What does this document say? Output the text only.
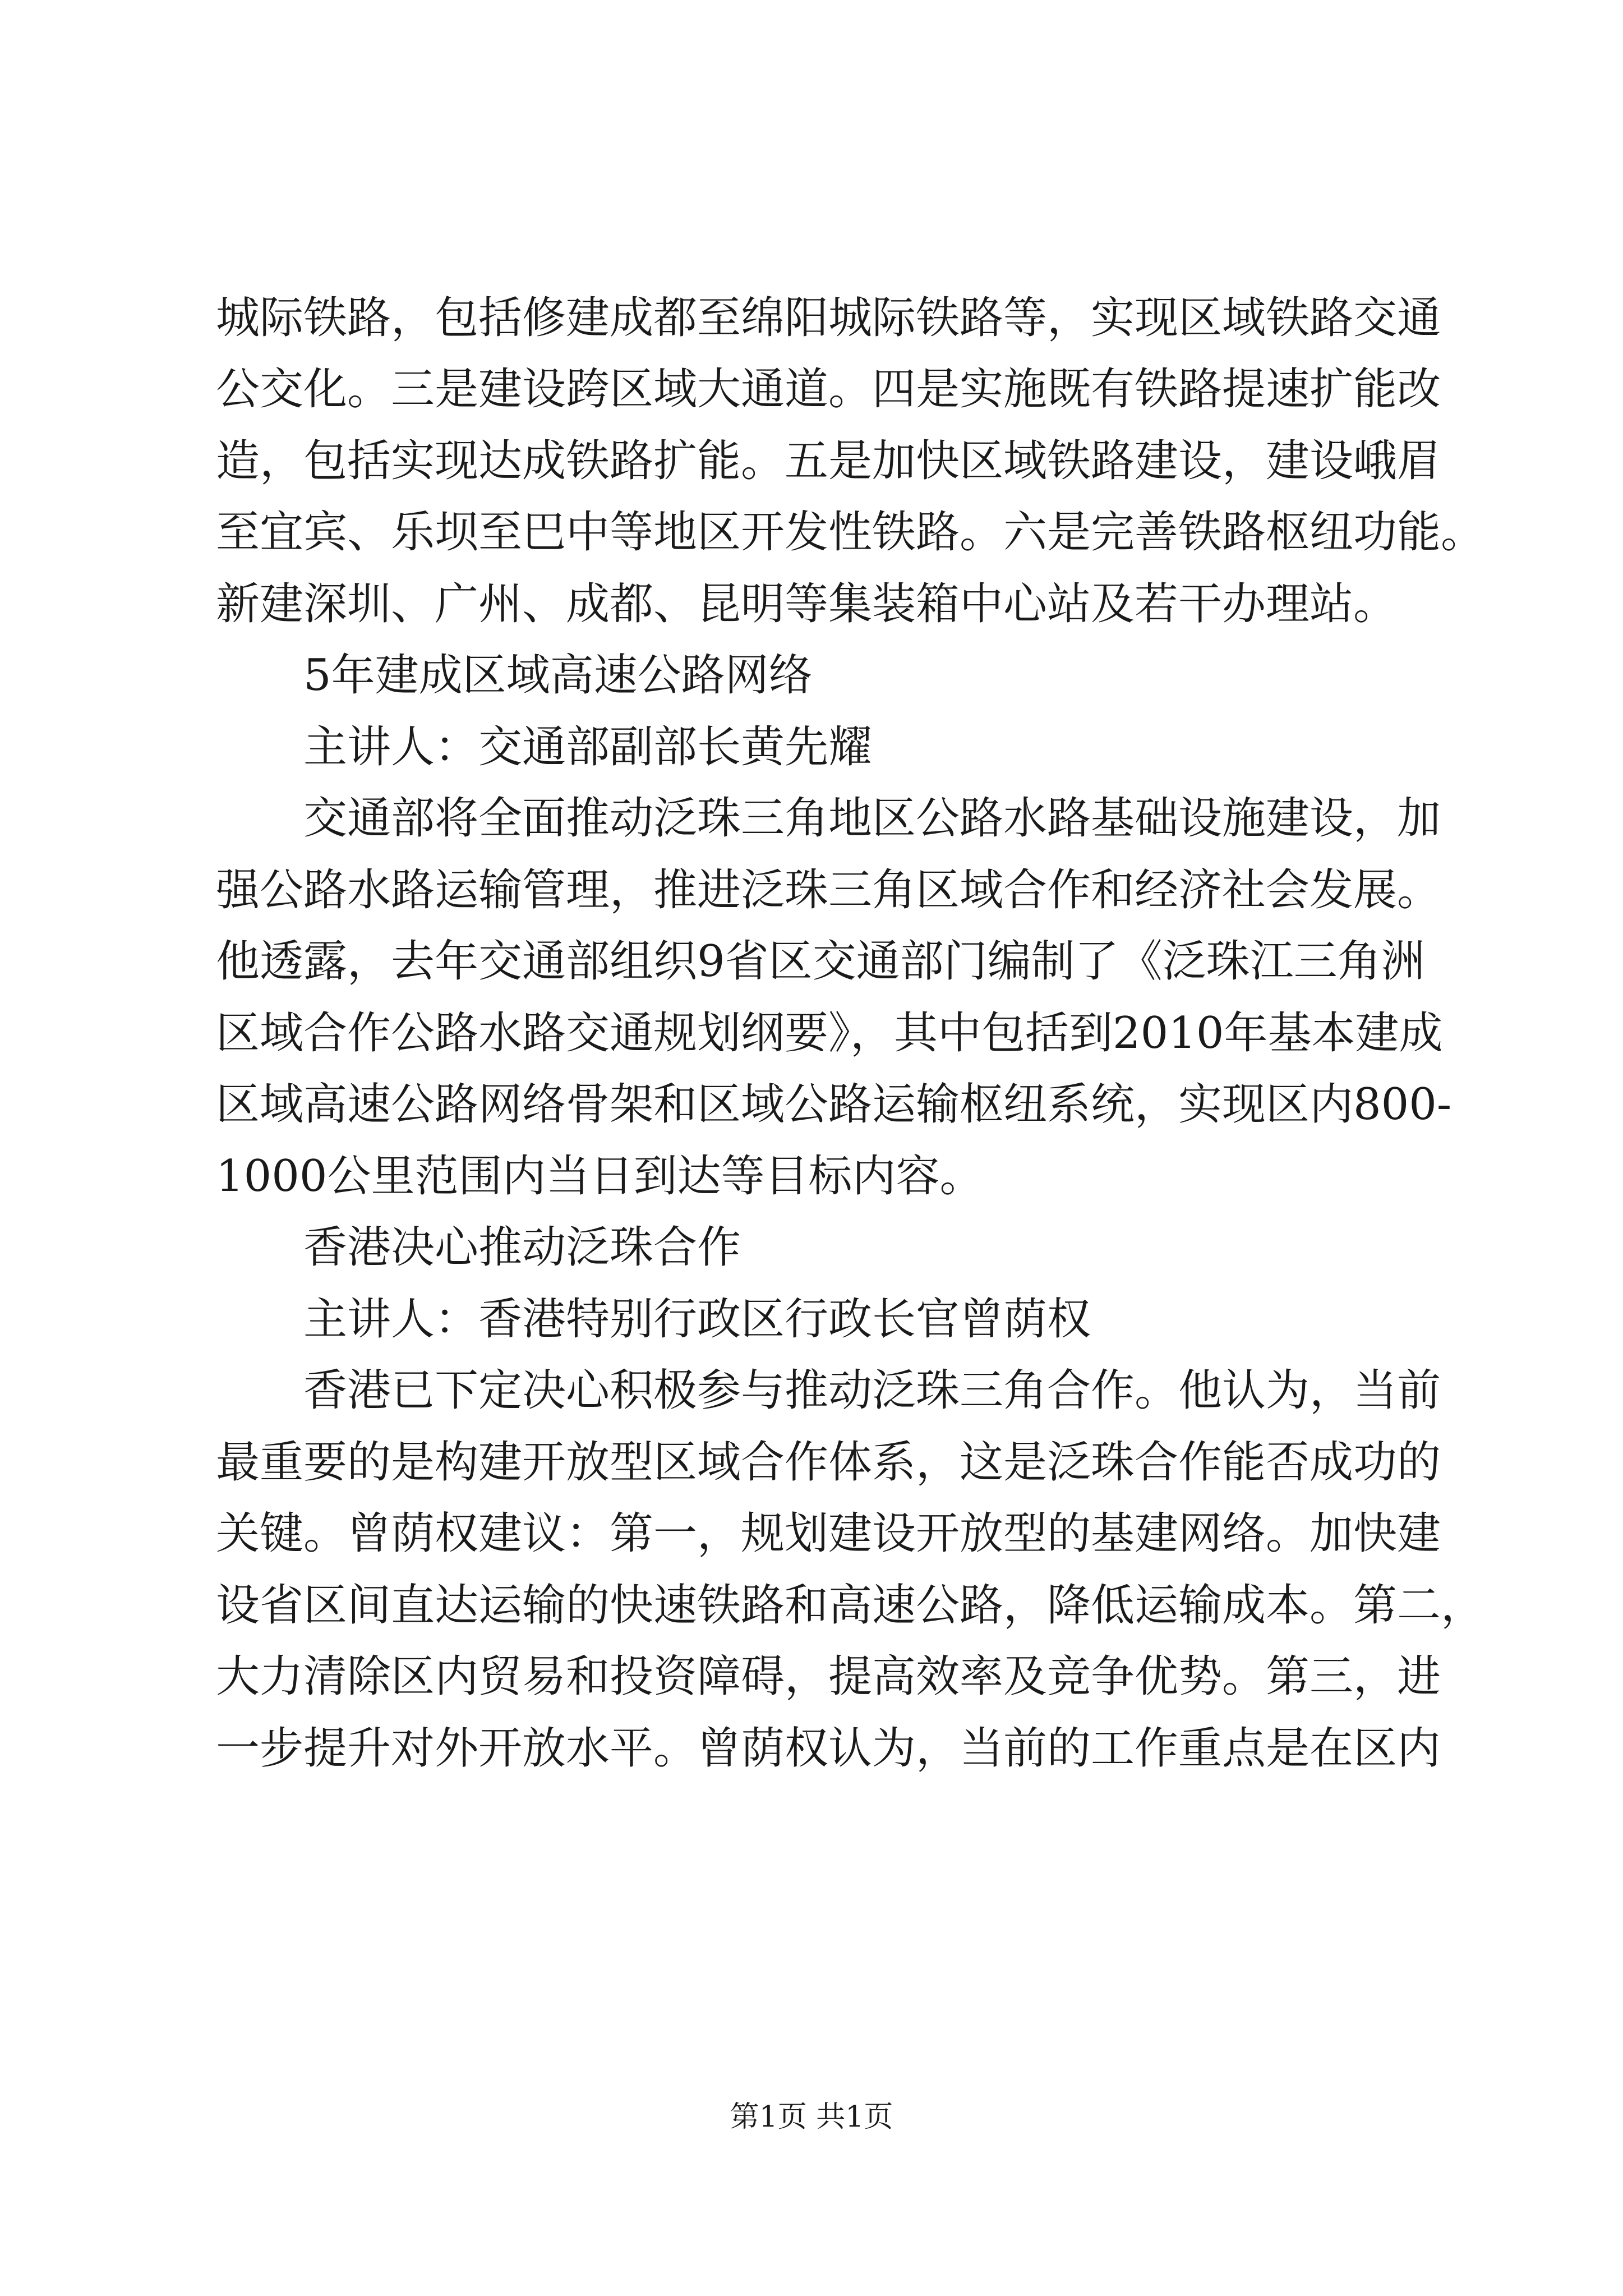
城际铁路，包括修建成都至绵阳城际铁路等，实现区域铁路交通
公交化。三是建设跨区域大通道。四是实施既有铁路提速扩能改
造，包括实现达成铁路扩能。五是加快区域铁路建设，建设峨眉
至宜宾、乐坝至巴中等地区开发性铁路。六是完善铁路枢纽功能。
新建深圳、广州、成都、昆明等集装箱中心站及若干办理站。
5年建成区域高速公路网络
主讲人：交通部副部长黄先耀
交通部将全面推动泛珠三角地区公路水路基础设施建设，加
强公路水路运输管理，推进泛珠三角区域合作和经济社会发展。
他透露，去年交通部组织9省区交通部门编制了《泛珠江三角洲
区域合作公路水路交通规划纲要》，其中包括到2010年基本建成
区域高速公路网络骨架和区域公路运输枢纽系统，实现区内800-
1000公里范围内当日到达等目标内容。
香港决心推动泛珠合作
主讲人：香港特别行政区行政长官曾荫权
香港已下定决心积极参与推动泛珠三角合作。他认为，当前
最重要的是构建开放型区域合作体系，这是泛珠合作能否成功的
关键。曾荫权建议：第一，规划建设开放型的基建网络。加快建
设省区间直达运输的快速铁路和高速公路，降低运输成本。第二，
大力清除区内贸易和投资障碍，提高效率及竞争优势。第三，进
一步提升对外开放水平。曾荫权认为，当前的工作重点是在区内
第1页 共1页
